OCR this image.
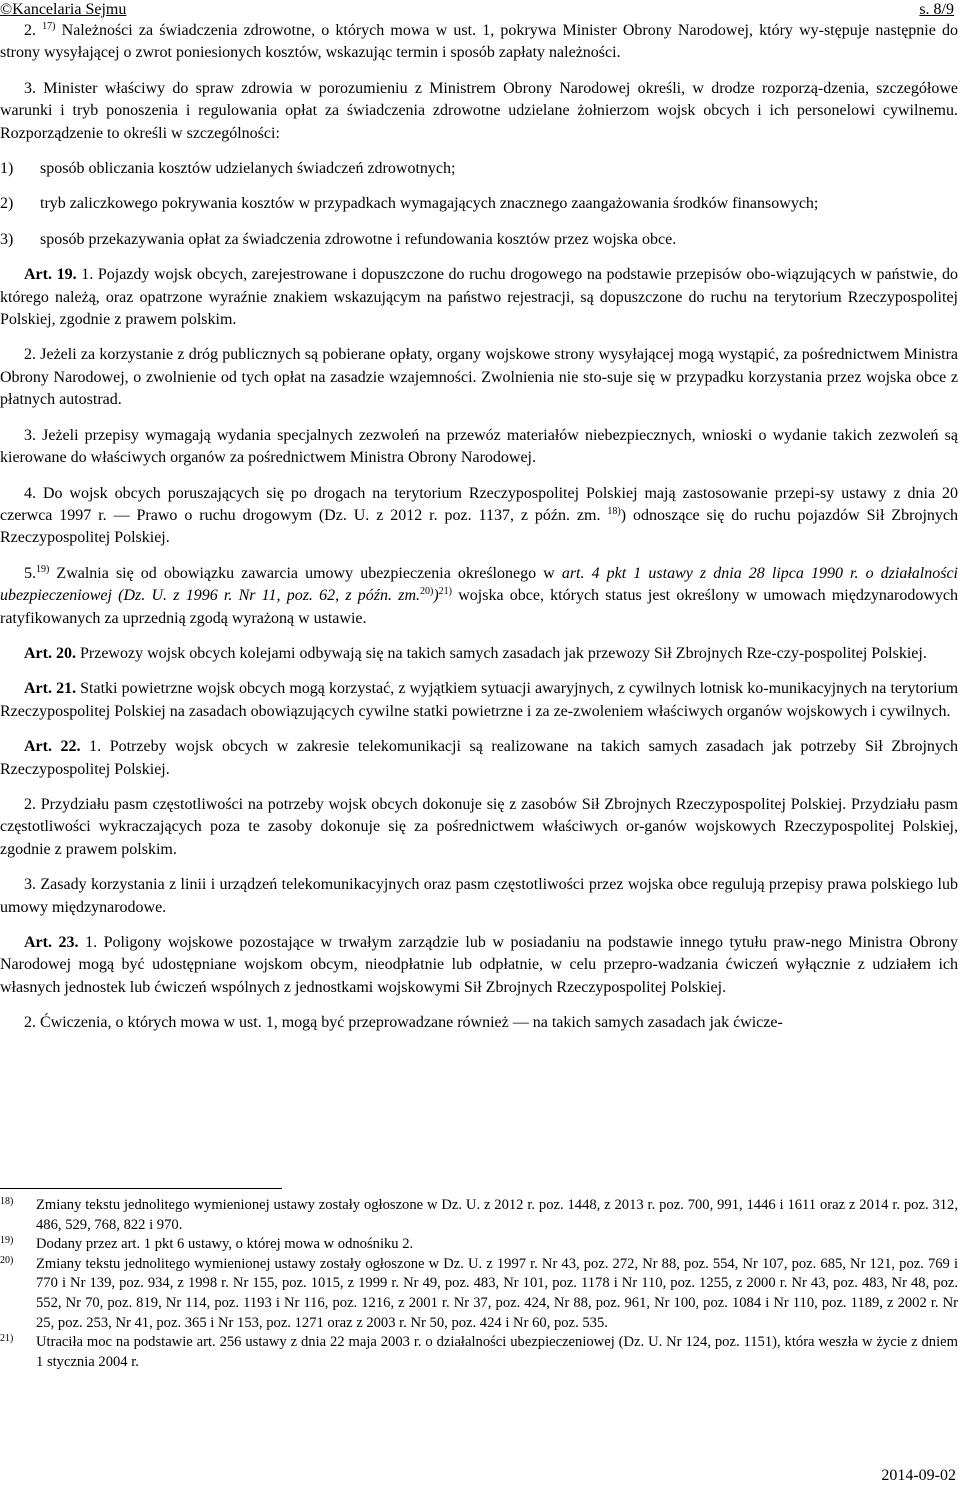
©Kancelaria Sejmu	s. 8/9

2. $^{17)}$ Należności za świadczenia zdrowotne, o których mowa w ust. 1, pokrywa Minister Obrony Narodowej, który wy-stępuje następnie do strony wysyłającej o zwrot poniesionych kosztów, wskazując termin i sposób zapłaty należności.

3. Minister właściwy do spraw zdrowia w porozumieniu z Ministrem Obrony Narodowej określi, w drodze rozporzą-dzenia, szczegółowe warunki i tryb ponoszenia i regulowania opłat za świadczenia zdrowotne udzielane żołnierzom wojsk obcych i ich personelowi cywilnemu. Rozporządzenie to określi w szczególności:

1)	sposób obliczania kosztów udzielanych świadczeń zdrowotnych;
2)	tryb zaliczkowego pokrywania kosztów w przypadkach wymagających znacznego zaangażowania środków finansowych;
3)	sposób przekazywania opłat za świadczenia zdrowotne i refundowania kosztów przez wojska obce.

Art. 19. 1. Pojazdy wojsk obcych, zarejestrowane i dopuszczone do ruchu drogowego na podstawie przepisów obo-wiązujących w państwie, do którego należą, oraz opatrzone wyraźnie znakiem wskazującym na państwo rejestracji, są dopuszczone do ruchu na terytorium Rzeczypospolitej Polskiej, zgodnie z prawem polskim.

2. Jeżeli za korzystanie z dróg publicznych są pobierane opłaty, organy wojskowe strony wysyłającej mogą wystąpić, za pośrednictwem Ministra Obrony Narodowej, o zwolnienie od tych opłat na zasadzie wzajemności. Zwolnienia nie sto-suje się w przypadku korzystania przez wojska obce z płatnych autostrad.

3. Jeżeli przepisy wymagają wydania specjalnych zezwoleń na przewóz materiałów niebezpiecznych, wnioski o wydanie takich zezwoleń są kierowane do właściwych organów za pośrednictwem Ministra Obrony Narodowej.

4. Do wojsk obcych poruszających się po drogach na terytorium Rzeczypospolitej Polskiej mają zastosowanie przepi-sy ustawy z dnia 20 czerwca 1997 r. — Prawo o ruchu drogowym (Dz. U. z 2012 r. poz. 1137, z późn. zm. $^{18)}$) odnoszące się do ruchu pojazdów Sił Zbrojnych Rzeczypospolitej Polskiej.

5.$^{19)}$ Zwalnia się od obowiązku zawarcia umowy ubezpieczenia określonego w art. 4 pkt 1 ustawy z dnia 28 lipca 1990 r. o działalności ubezpieczeniowej (Dz. U. z 1996 r. Nr 11, poz. 62, z późn. zm.$^{20)}$)$^{21)}$ wojska obce, których status jest określony w umowach międzynarodowych ratyfikowanych za uprzednią zgodą wyrażoną w ustawie.

Art. 20. Przewozy wojsk obcych kolejami odbywają się na takich samych zasadach jak przewozy Sił Zbrojnych Rze-czy-pospolitej Polskiej.

Art. 21. Statki powietrzne wojsk obcych mogą korzystać, z wyjątkiem sytuacji awaryjnych, z cywilnych lotnisk ko-munikacyjnych na terytorium Rzeczypospolitej Polskiej na zasadach obowiązujących cywilne statki powietrzne i za ze-zwoleniem właściwych organów wojskowych i cywilnych.

Art. 22. 1. Potrzeby wojsk obcych w zakresie telekomunikacji są realizowane na takich samych zasadach jak potrzeby Sił Zbrojnych Rzeczypospolitej Polskiej.

2. Przydziału pasm częstotliwości na potrzeby wojsk obcych dokonuje się z zasobów Sił Zbrojnych Rzeczypospolitej Polskiej. Przydziału pasm częstotliwości wykraczających poza te zasoby dokonuje się za pośrednictwem właściwych or-ganów wojskowych Rzeczypospolitej Polskiej, zgodnie z prawem polskim.

3. Zasady korzystania z linii i urządzeń telekomunikacyjnych oraz pasm częstotliwości przez wojska obce regulują przepisy prawa polskiego lub umowy międzynarodowe.

Art. 23. 1. Poligony wojskowe pozostające w trwałym zarządzie lub w posiadaniu na podstawie innego tytułu praw-nego Ministra Obrony Narodowej mogą być udostępniane wojskom obcym, nieodpłatnie lub odpłatnie, w celu przepro-wadzania ćwiczeń wyłącznie z udziałem ich własnych jednostek lub ćwiczeń wspólnych z jednostkami wojskowymi Sił Zbrojnych Rzeczypospolitej Polskiej.

2. Ćwiczenia, o których mowa w ust. 1, mogą być przeprowadzane również — na takich samych zasadach jak ćwicze-

18)	Zmiany tekstu jednolitego wymienionej ustawy zostały ogłoszone w Dz. U. z 2012 r. poz. 1448, z 2013 r. poz. 700, 991, 1446 i 1611 oraz z 2014 r. poz. 312, 486, 529, 768, 822 i 970.
19)	Dodany przez art. 1 pkt 6 ustawy, o której mowa w odnośniku 2.
20)	Zmiany tekstu jednolitego wymienionej ustawy zostały ogłoszone w Dz. U. z 1997 r. Nr 43, poz. 272, Nr 88, poz. 554, Nr 107, poz. 685, Nr 121, poz. 769 i 770 i Nr 139, poz. 934, z 1998 r. Nr 155, poz. 1015, z 1999 r. Nr 49, poz. 483, Nr 101, poz. 1178 i Nr 110, poz. 1255, z 2000 r. Nr 43, poz. 483, Nr 48, poz. 552, Nr 70, poz. 819, Nr 114, poz. 1193 i Nr 116, poz. 1216, z 2001 r. Nr 37, poz. 424, Nr 88, poz. 961, Nr 100, poz. 1084 i Nr 110, poz. 1189, z 2002 r. Nr 25, poz. 253, Nr 41, poz. 365 i Nr 153, poz. 1271 oraz z 2003 r. Nr 50, poz. 424 i Nr 60, poz. 535.
21)	Utraciła moc na podstawie art. 256 ustawy z dnia 22 maja 2003 r. o działalności ubezpieczeniowej (Dz. U. Nr 124, poz. 1151), która weszła w życie z dniem 1 stycznia 2004 r.
2014-09-02
